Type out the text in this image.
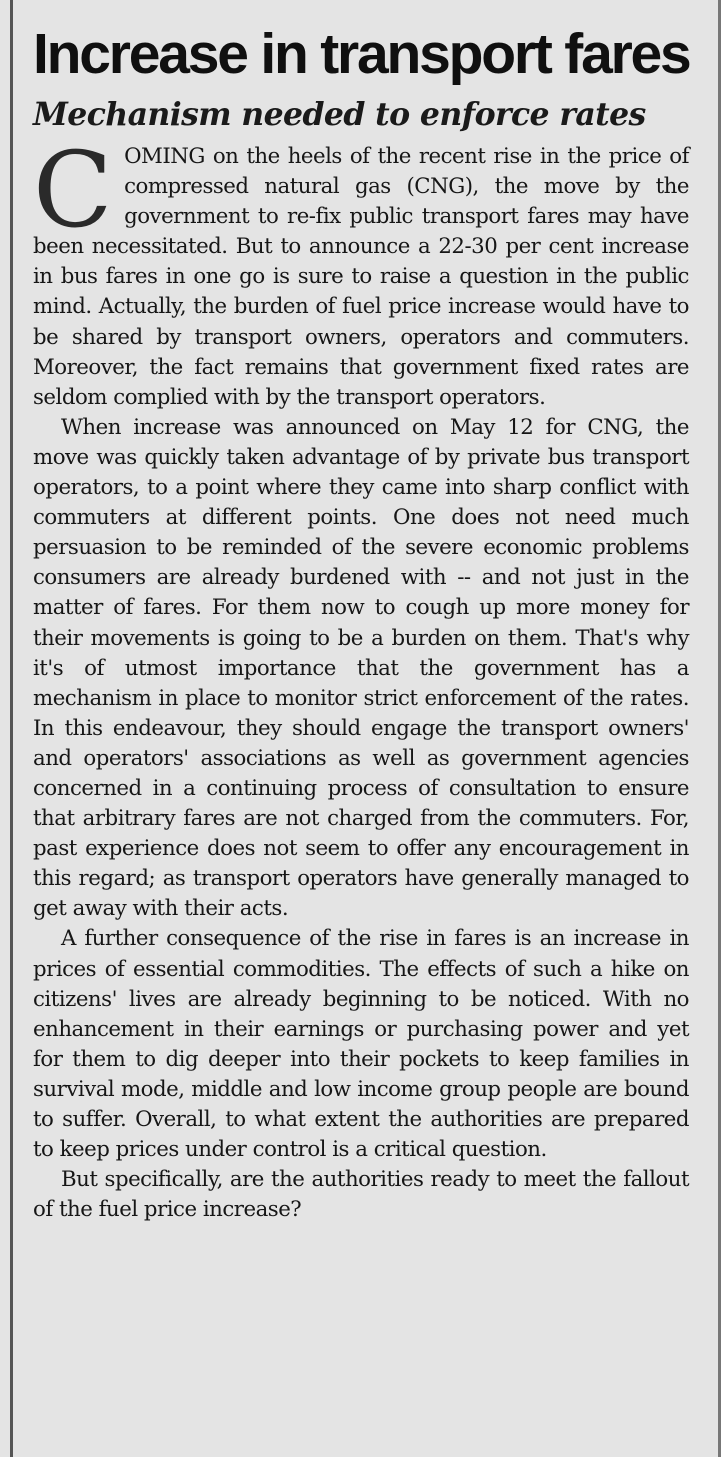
Increase in transport fares
Mechanism needed to enforce rates

C OMING on the heels of the recent rise in the price of compressed natural gas (CNG), the move by the government to re-fix public transport fares may have been necessitated. But to announce a 22-30 per cent increase in bus fares in one go is sure to raise a question in the public mind. Actually, the burden of fuel price increase would have to be shared by transport owners, operators and commuters. Moreover, the fact remains that government fixed rates are seldom complied with by the transport operators.

When increase was announced on May 12 for CNG, the move was quickly taken advantage of by private bus transport operators, to a point where they came into sharp conflict with commuters at different points. One does not need much persuasion to be reminded of the severe economic problems consumers are already burdened with -- and not just in the matter of fares. For them now to cough up more money for their movements is going to be a burden on them. That's why it's of utmost importance that the government has a mechanism in place to monitor strict enforcement of the rates. In this endeavour, they should engage the transport owners' and operators' associations as well as government agencies concerned in a continuing process of consultation to ensure that arbitrary fares are not charged from the commuters. For, past experience does not seem to offer any encouragement in this regard; as transport operators have generally managed to get away with their acts.

A further consequence of the rise in fares is an increase in prices of essential commodities. The effects of such a hike on citizens' lives are already beginning to be noticed. With no enhancement in their earnings or purchasing power and yet for them to dig deeper into their pockets to keep families in survival mode, middle and low income group people are bound to suffer. Overall, to what extent the authorities are prepared to keep prices under control is a critical question.

But specifically, are the authorities ready to meet the fallout of the fuel price increase?
